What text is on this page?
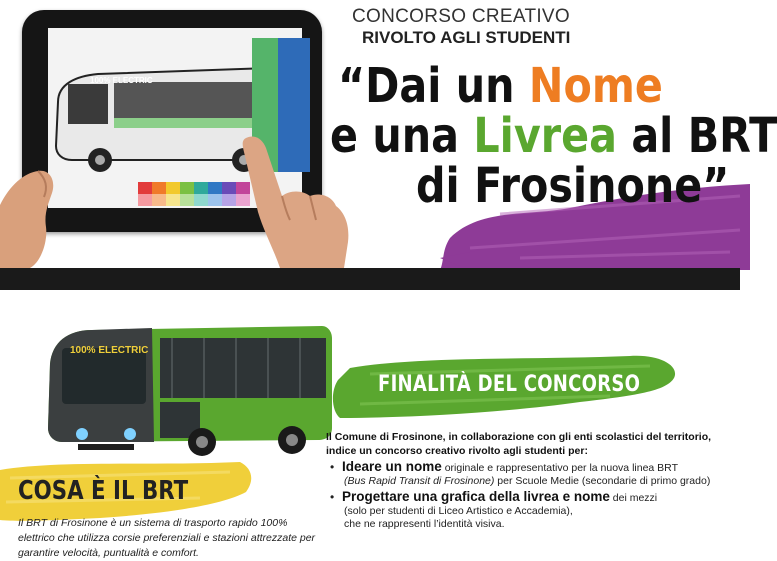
100% ELECTRIC
CONCORSO CREATIVO
RIVOLTO AGLI STUDENTI
“Dai un Nome
e una Livrea al BRT
di Frosinone”
100% ELECTRIC
COSA È IL BRT
Il BRT di Frosinone è un sistema di trasporto rapido 100% elettrico che utilizza corsie preferenziali e stazioni attrezzate per garantire velocità, puntualità e comfort.
FINALITÀ DEL CONCORSO
Il Comune di Frosinone, in collaborazione con gli enti scolastici del territorio, indice un concorso creativo rivolto agli studenti per:
• Ideare un nome originale e rappresentativo per la nuova linea BRT
(Bus Rapid Transit di Frosinone) per Scuole Medie (secondarie di primo grado)
• Progettare una grafica della livrea e nome dei mezzi
(solo per studenti di Liceo Artistico e Accademia),
che ne rappresenti l’identità visiva.
